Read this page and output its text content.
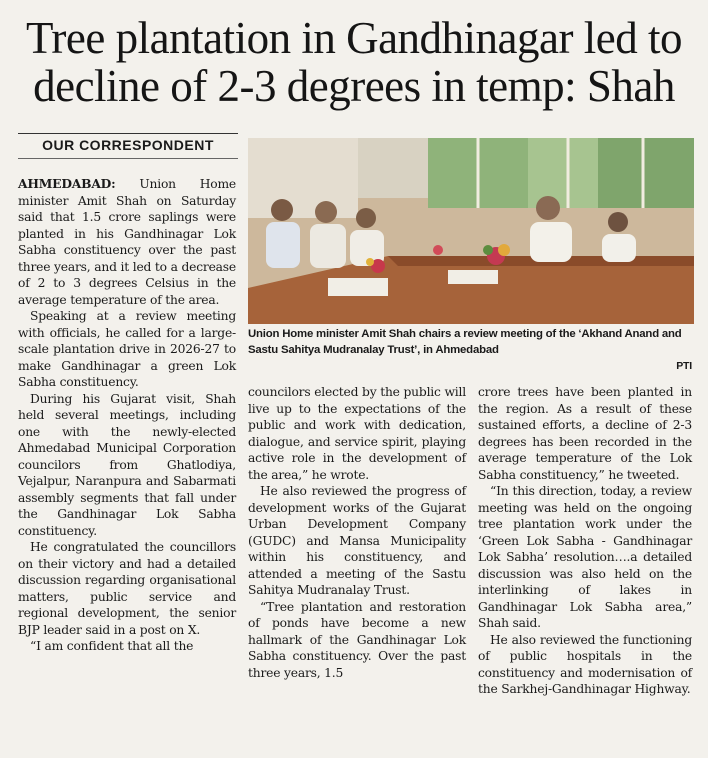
Tree plantation in Gandhinagar led to
decline of 2-3 degrees in temp: Shah
OUR CORRESPONDENT

AHMEDABAD: Union Home minister Amit Shah on Saturday said that 1.5 crore saplings were planted in his Gandhinagar Lok Sabha constituency over the past three years, and it led to a decrease of 2 to 3 degrees Celsius in the average temperature of the area.

Speaking at a review meeting with officials, he called for a large-scale plantation drive in 2026-27 to make Gandhinagar a green Lok Sabha constituency.

During his Gujarat visit, Shah held several meetings, including one with the newly-elected Ahmedabad Municipal Corporation councilors from Ghatlodiya, Vejalpur, Naranpura and Sabarmati assembly segments that fall under the Gandhinagar Lok Sabha constituency.

He congratulated the councillors on their victory and had a detailed discussion regarding organisational matters, public service and regional development, the senior BJP leader said in a post on X.

“I am confident that all the

Union Home minister Amit Shah chairs a review meeting of the ‘Akhand Anand and Sastu Sahitya Mudranalay Trust’, in Ahmedabad
PTI

councilors elected by the public will live up to the expectations of the public and work with dedication, dialogue, and service spirit, playing active role in the development of the area,” he wrote.

He also reviewed the progress of development works of the Gujarat Urban Development Company (GUDC) and Mansa Municipality within his constituency, and attended a meeting of the Sastu Sahitya Mudranalay Trust.

“Tree plantation and restoration of ponds have become a new hallmark of the Gandhinagar Lok Sabha constituency. Over the past three years, 1.5

crore trees have been planted in the region. As a result of these sustained efforts, a decline of 2-3 degrees has been recorded in the average temperature of the Lok Sabha constituency,” he tweeted.

“In this direction, today, a review meeting was held on the ongoing tree plantation work under the ‘Green Lok Sabha - Gandhinagar Lok Sabha’ resolution….a detailed discussion was also held on the interlinking of lakes in Gandhinagar Lok Sabha area,” Shah said.

He also reviewed the functioning of public hospitals in the constituency and modernisation of the Sarkhej-Gandhinagar Highway.
